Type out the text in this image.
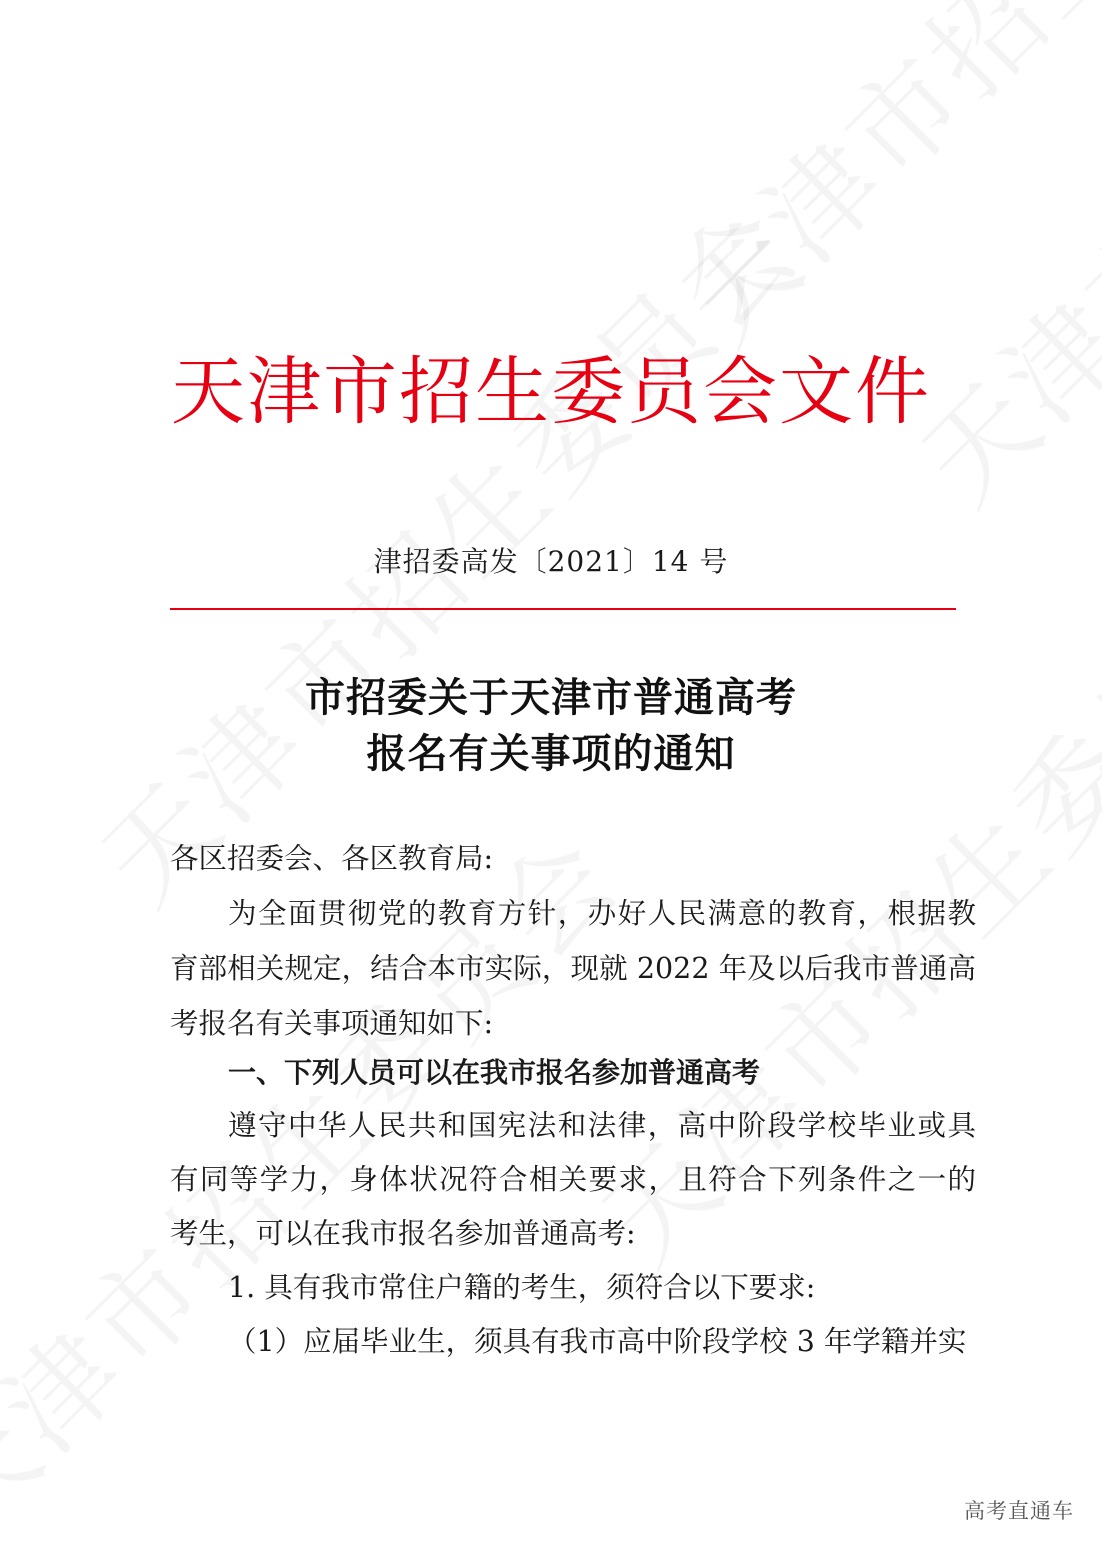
天津市招生委员会文件
津招委高发〔2021〕14 号
市招委关于天津市普通高考
报名有关事项的通知
各区招委会、各区教育局:
为全面贯彻党的教育方针，办好人民满意的教育，根据教
育部相关规定，结合本市实际，现就 2022 年及以后我市普通高
考报名有关事项通知如下:
一、下列人员可以在我市报名参加普通高考
遵守中华人民共和国宪法和法律，高中阶段学校毕业或具
有同等学力，身体状况符合相关要求，且符合下列条件之一的
考生，可以在我市报名参加普通高考:
1. 具有我市常住户籍的考生，须符合以下要求:
（1）应届毕业生，须具有我市高中阶段学校 3 年学籍并实
高考直通车
